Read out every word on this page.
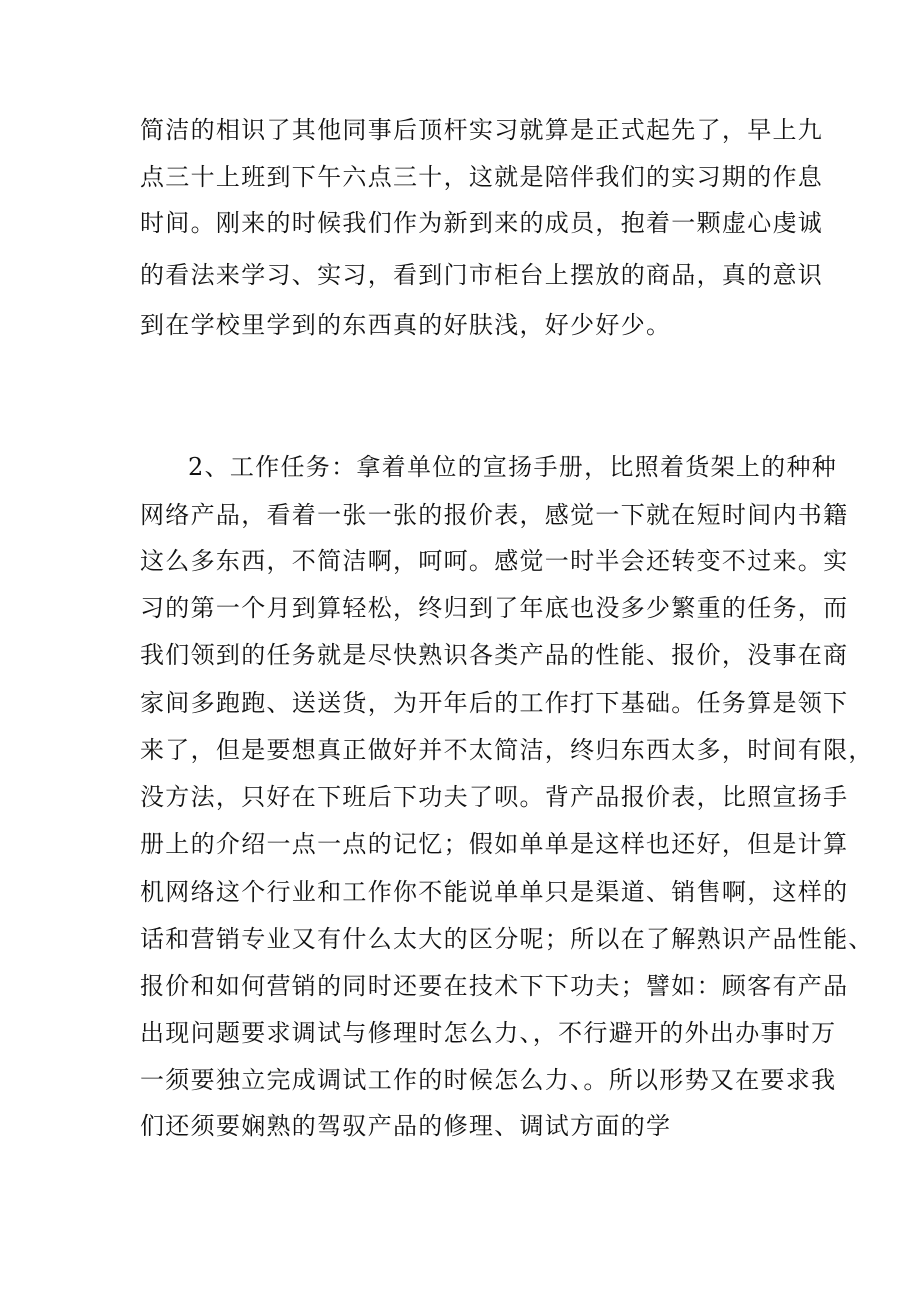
简洁的相识了其他同事后顶杆实习就算是正式起先了，早上九
点三十上班到下午六点三十，这就是陪伴我们的实习期的作息
时间。刚来的时候我们作为新到来的成员，抱着一颗虚心虔诚
的看法来学习、实习，看到门市柜台上摆放的商品，真的意识
到在学校里学到的东西真的好肤浅，好少好少。
2、工作任务：拿着单位的宣扬手册，比照着货架上的种种
网络产品，看着一张一张的报价表，感觉一下就在短时间内书籍
这么多东西，不简洁啊，呵呵。感觉一时半会还转变不过来。实
习的第一个月到算轻松，终归到了年底也没多少繁重的任务，而
我们领到的任务就是尽快熟识各类产品的性能、报价，没事在商
家间多跑跑、送送货，为开年后的工作打下基础。任务算是领下
来了，但是要想真正做好并不太简洁，终归东西太多，时间有限，
没方法，只好在下班后下功夫了呗。背产品报价表，比照宣扬手
册上的介绍一点一点的记忆；假如单单是这样也还好，但是计算
机网络这个行业和工作你不能说单单只是渠道、销售啊，这样的
话和营销专业又有什么太大的区分呢；所以在了解熟识产品性能、
报价和如何营销的同时还要在技术下下功夫；譬如：顾客有产品
出现问题要求调试与修理时怎么力、，不行避开的外出办事时万
一须要独立完成调试工作的时候怎么力、。所以形势又在要求我
们还须要娴熟的驾驭产品的修理、调试方面的学
